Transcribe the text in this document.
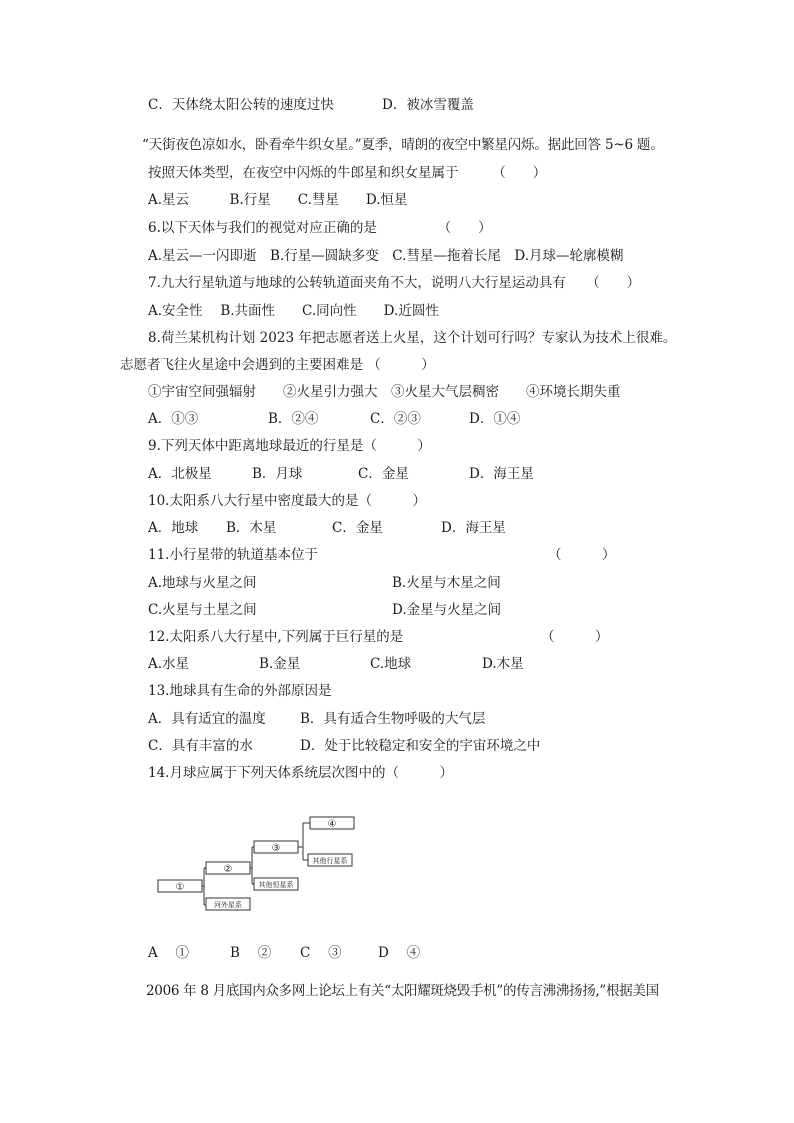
C．天体绕太阳公转的速度过快	D．被冰雪覆盖
“天街夜色凉如水，卧看牵牛织女星。”夏季，晴朗的夜空中繁星闪烁。据此回答 5~6 题。
按照天体类型，在夜空中闪烁的牛郎星和织女星属于　　　（　　）
A.星云　　　B.行星　　C.彗星　　D.恒星
6.以下天体与我们的视觉对应正确的是　　　　　（　　）
A.星云—一闪即逝　B.行星—圆缺多变　C.彗星—拖着长尾　D.月球—轮廓模糊
7.九大行星轨道与地球的公转轨道面夹角不大，说明八大行星运动具有　　（　　）
A.安全性　 B.共面性　　C.同向性　　D.近圆性
8.荷兰某机构计划 2023 年把志愿者送上火星，这个计划可行吗？专家认为技术上很难。
志愿者飞往火星途中会遇到的主要困难是 （　　　）
①宇宙空间强辐射　　②火星引力强大　③火星大气层稠密　　④环境长期失重
A．①③	B．②④	C．②③	D．①④
9.下列天体中距离地球最近的行星是（　　　）
A．北极星	B．月球	C．金星	D．海王星
10.太阳系八大行星中密度最大的是（　　　）
A．地球 B．木星	C．金星	D．海王星
11.小行星带的轨道基本位于	（　　　）
A.地球与火星之间	B.火星与木星之间
C.火星与土星之间	D.金星与火星之间
12.太阳系八大行星中,下列属于巨行星的是	（　　　）
A.水星	B.金星	C.地球	D.木星
13.地球具有生命的外部原因是
A．具有适宜的温度	B．具有适合生物呼吸的大气层
C．具有丰富的水	D．处于比较稳定和安全的宇宙环境之中
14.月球应属于下列天体系统层次图中的（　　　）
④
③
②
①
河外星系
其他恒星系
其他行星系
A　 ①	B　 ② C　 ③	D　 ④
2006 年 8 月底国内众多网上论坛上有关“太阳耀斑烧毁手机”的传言沸沸扬扬,”根据美国
